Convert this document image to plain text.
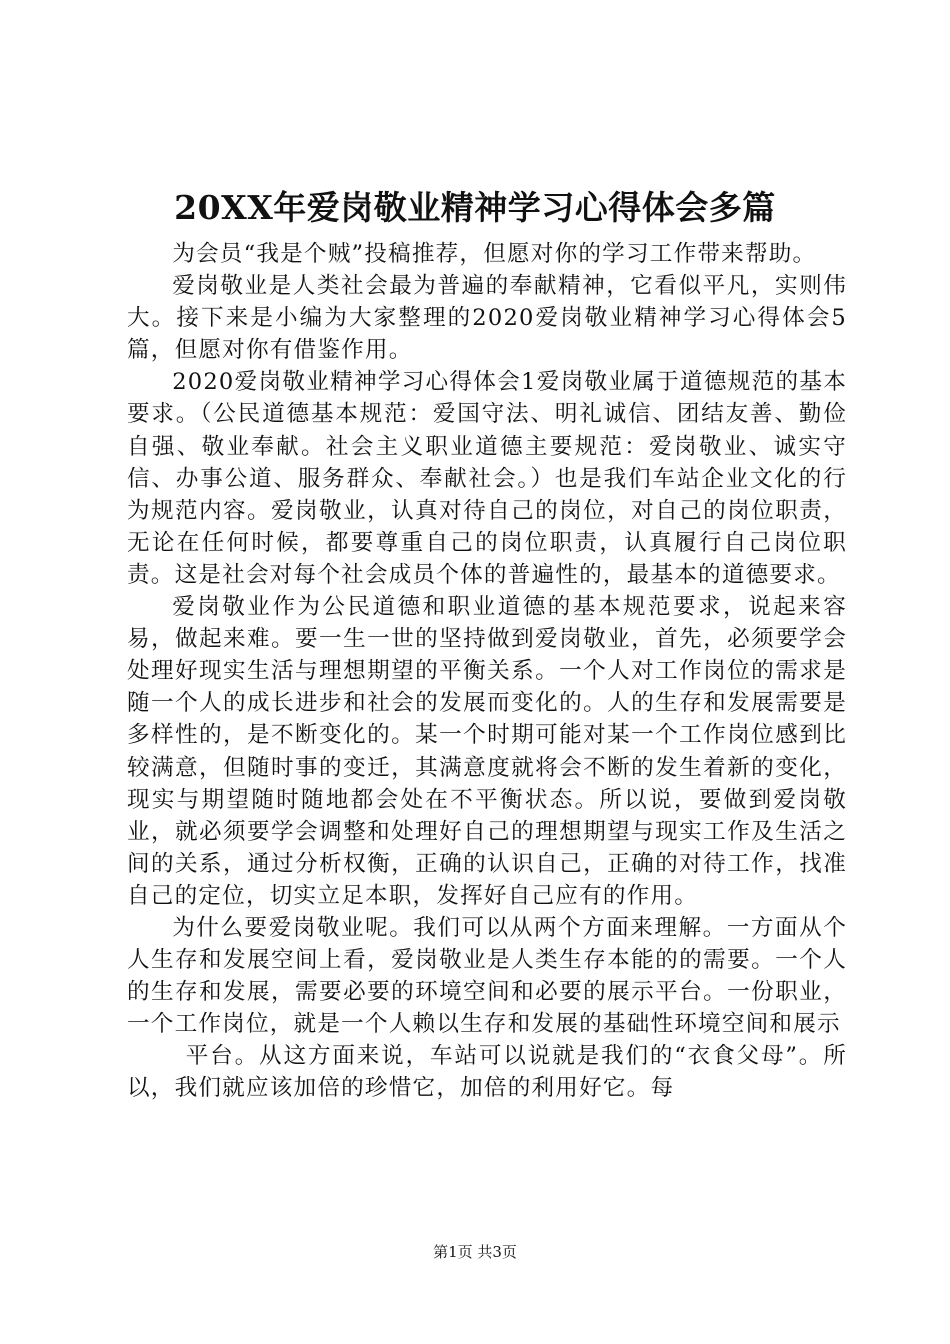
20XX年爱岗敬业精神学习心得体会多篇

为会员“我是个贼”投稿推荐，但愿对你的学习工作带来帮助。

爱岗敬业是人类社会最为普遍的奉献精神，它看似平凡，实则伟大。接下来是小编为大家整理的2020爱岗敬业精神学习心得体会5篇，但愿对你有借鉴作用。

2020爱岗敬业精神学习心得体会1爱岗敬业属于道德规范的基本要求。（公民道德基本规范：爱国守法、明礼诚信、团结友善、勤俭自强、敬业奉献。社会主义职业道德主要规范：爱岗敬业、诚实守信、办事公道、服务群众、奉献社会。）也是我们车站企业文化的行为规范内容。爱岗敬业，认真对待自己的岗位，对自己的岗位职责，无论在任何时候，都要尊重自己的岗位职责，认真履行自己岗位职责。这是社会对每个社会成员个体的普遍性的，最基本的道德要求。

爱岗敬业作为公民道德和职业道德的基本规范要求，说起来容易，做起来难。要一生一世的坚持做到爱岗敬业，首先，必须要学会处理好现实生活与理想期望的平衡关系。一个人对工作岗位的需求是随一个人的成长进步和社会的发展而变化的。人的生存和发展需要是多样性的，是不断变化的。某一个时期可能对某一个工作岗位感到比较满意，但随时事的变迁，其满意度就将会不断的发生着新的变化，现实与期望随时随地都会处在不平衡状态。所以说，要做到爱岗敬业，就必须要学会调整和处理好自己的理想期望与现实工作及生活之间的关系，通过分析权衡，正确的认识自己，正确的对待工作，找准自己的定位，切实立足本职，发挥好自己应有的作用。

为什么要爱岗敬业呢。我们可以从两个方面来理解。一方面从个人生存和发展空间上看，爱岗敬业是人类生存本能的的需要。一个人的生存和发展，需要必要的环境空间和必要的展示平台。一份职业，一个工作岗位，就是一个人赖以生存和发展的基础性环境空间和展示

平台。从这方面来说，车站可以说就是我们的“衣食父母”。所以，我们就应该加倍的珍惜它，加倍的利用好它。每

第1页 共3页
